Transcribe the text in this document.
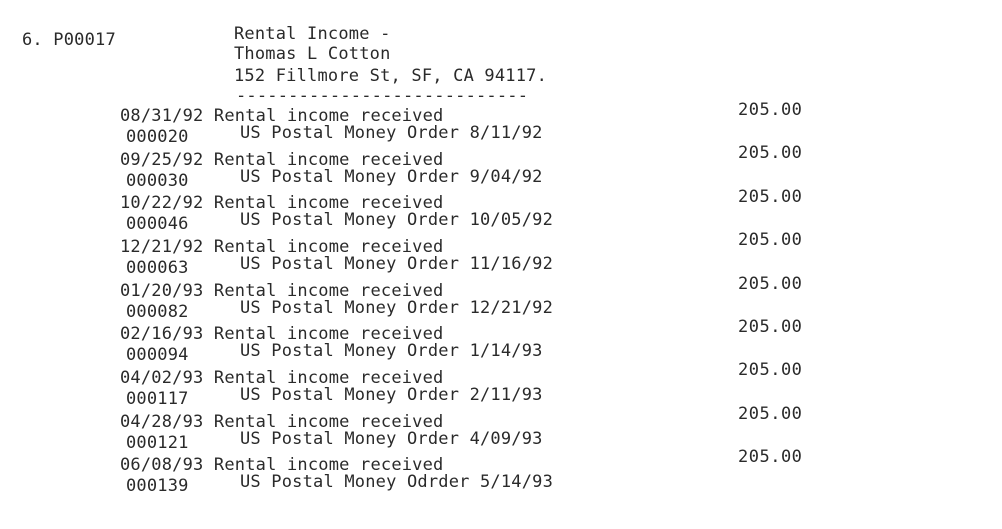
6. P00017	Rental Income -
Thomas L Cotton
152 Fillmore St, SF, CA 94117.
----------------------------
08/31/92 Rental income received
000020	US Postal Money Order 8/11/92
205.00
09/25/92 Rental income received
000030	US Postal Money Order 9/04/92
205.00
10/22/92 Rental income received
000046	US Postal Money Order 10/05/92
205.00
12/21/92 Rental income received
000063	US Postal Money Order 11/16/92
205.00
01/20/93 Rental income received
000082	US Postal Money Order 12/21/92
205.00
02/16/93 Rental income received
000094	US Postal Money Order 1/14/93
205.00
04/02/93 Rental income received
000117	US Postal Money Order 2/11/93
205.00
04/28/93 Rental income received
000121	US Postal Money Order 4/09/93
205.00
06/08/93 Rental income received
000139	US Postal Money Odrder 5/14/93
205.00
